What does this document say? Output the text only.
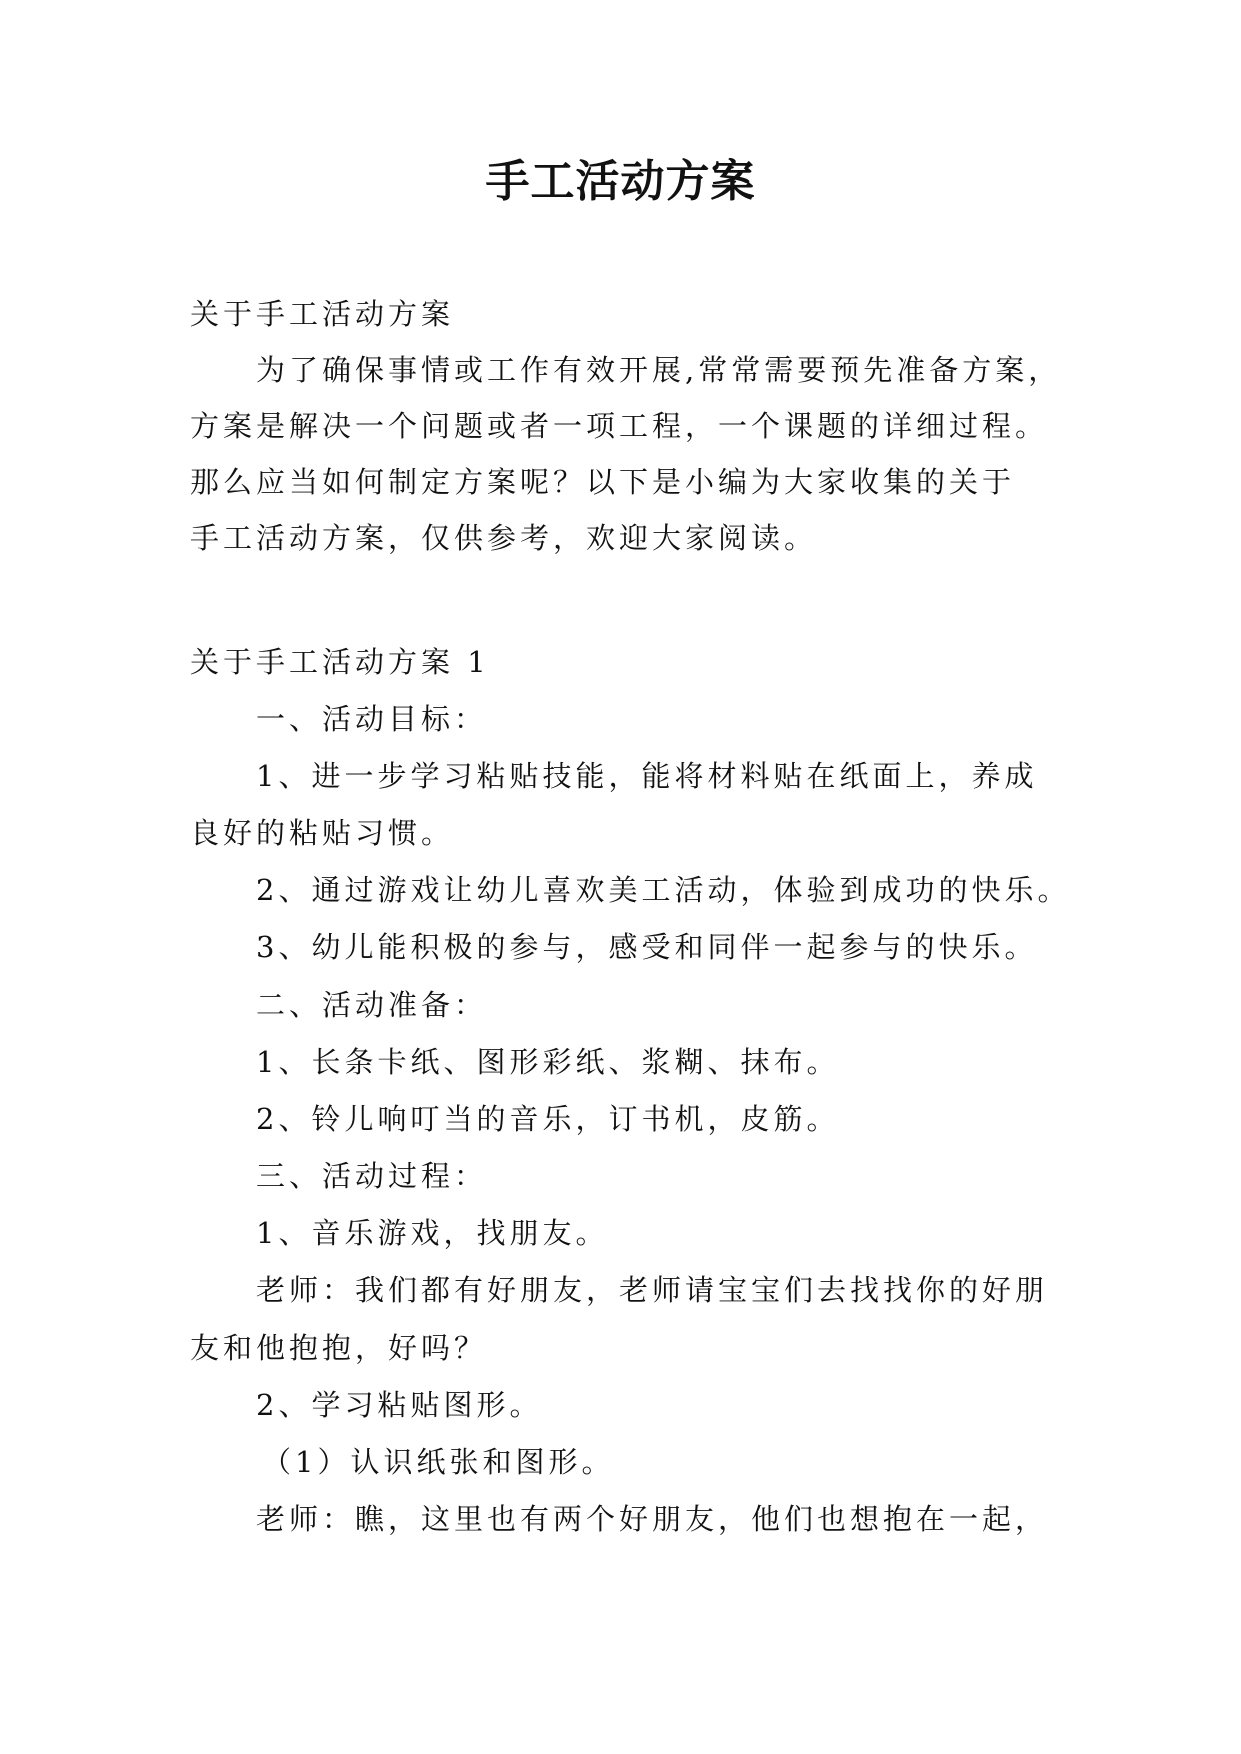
手工活动方案

关于手工活动方案

为了确保事情或工作有效开展,常常需要预先准备方案，

方案是解决一个问题或者一项工程，一个课题的详细过程。

那么应当如何制定方案呢？以下是小编为大家收集的关于

手工活动方案，仅供参考，欢迎大家阅读。

关于手工活动方案 1

一、活动目标：

1、进一步学习粘贴技能，能将材料贴在纸面上，养成

良好的粘贴习惯。

2、通过游戏让幼儿喜欢美工活动，体验到成功的快乐。

3、幼儿能积极的参与，感受和同伴一起参与的快乐。

二、活动准备：

1、长条卡纸、图形彩纸、浆糊、抹布。

2、铃儿响叮当的音乐，订书机，皮筋。

三、活动过程：

1、音乐游戏，找朋友。

老师：我们都有好朋友，老师请宝宝们去找找你的好朋

友和他抱抱，好吗？

2、学习粘贴图形。

（1）认识纸张和图形。

老师：瞧，这里也有两个好朋友，他们也想抱在一起，
